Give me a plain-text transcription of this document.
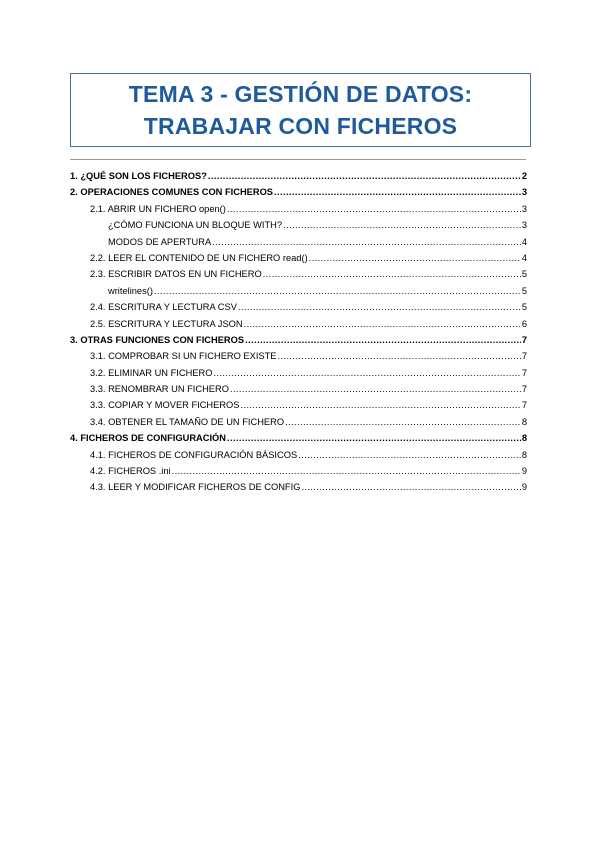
TEMA 3 - GESTIÓN DE DATOS:
TRABAJAR CON FICHEROS
1. ¿QUÉ SON LOS FICHEROS? .....	2
2. OPERACIONES COMUNES CON FICHEROS .....	3
2.1. ABRIR UN FICHERO open() .....	3
¿CÓMO FUNCIONA UN BLOQUE WITH? .....	3
MODOS DE APERTURA .....	4
2.2. LEER EL CONTENIDO DE UN FICHERO read() .....	4
2.3. ESCRIBIR DATOS EN UN FICHERO .....	5
writelines() .....	5
2.4. ESCRITURA Y LECTURA CSV .....	5
2.5. ESCRITURA Y LECTURA JSON .....	6
3. OTRAS FUNCIONES CON FICHEROS .....	7
3.1. COMPROBAR SI UN FICHERO EXISTE .....	7
3.2. ELIMINAR UN FICHERO .....	7
3.3. RENOMBRAR UN FICHERO .....	7
3.3. COPIAR Y MOVER FICHEROS .....	7
3.4. OBTENER EL TAMAÑO DE UN FICHERO .....	8
4. FICHEROS DE CONFIGURACIÓN .....	8
4.1. FICHEROS DE CONFIGURACIÓN BÁSICOS .....	8
4.2. FICHEROS .ini .....	9
4.3. LEER Y MODIFICAR FICHEROS DE CONFIG .....	9
